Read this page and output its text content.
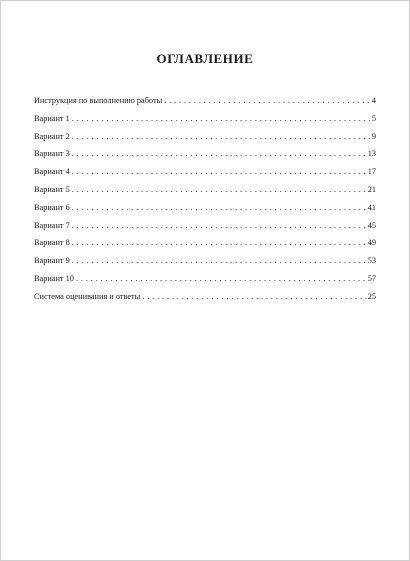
ОГЛАВЛЕНИЕ
Инструкция по выполнению работы . . .	4
Вариант 1 . . .	5
Вариант 2 . . .	9
Вариант 3 . . .	13
Вариант 4 . . .	17
Вариант 5 . . .	21
Вариант 6 . . .	41
Вариант 7 . . .	45
Вариант 8 . . .	49
Вариант 9 . . .	53
Вариант 10 . . .	57
Система оценивания и ответы . . .	25
